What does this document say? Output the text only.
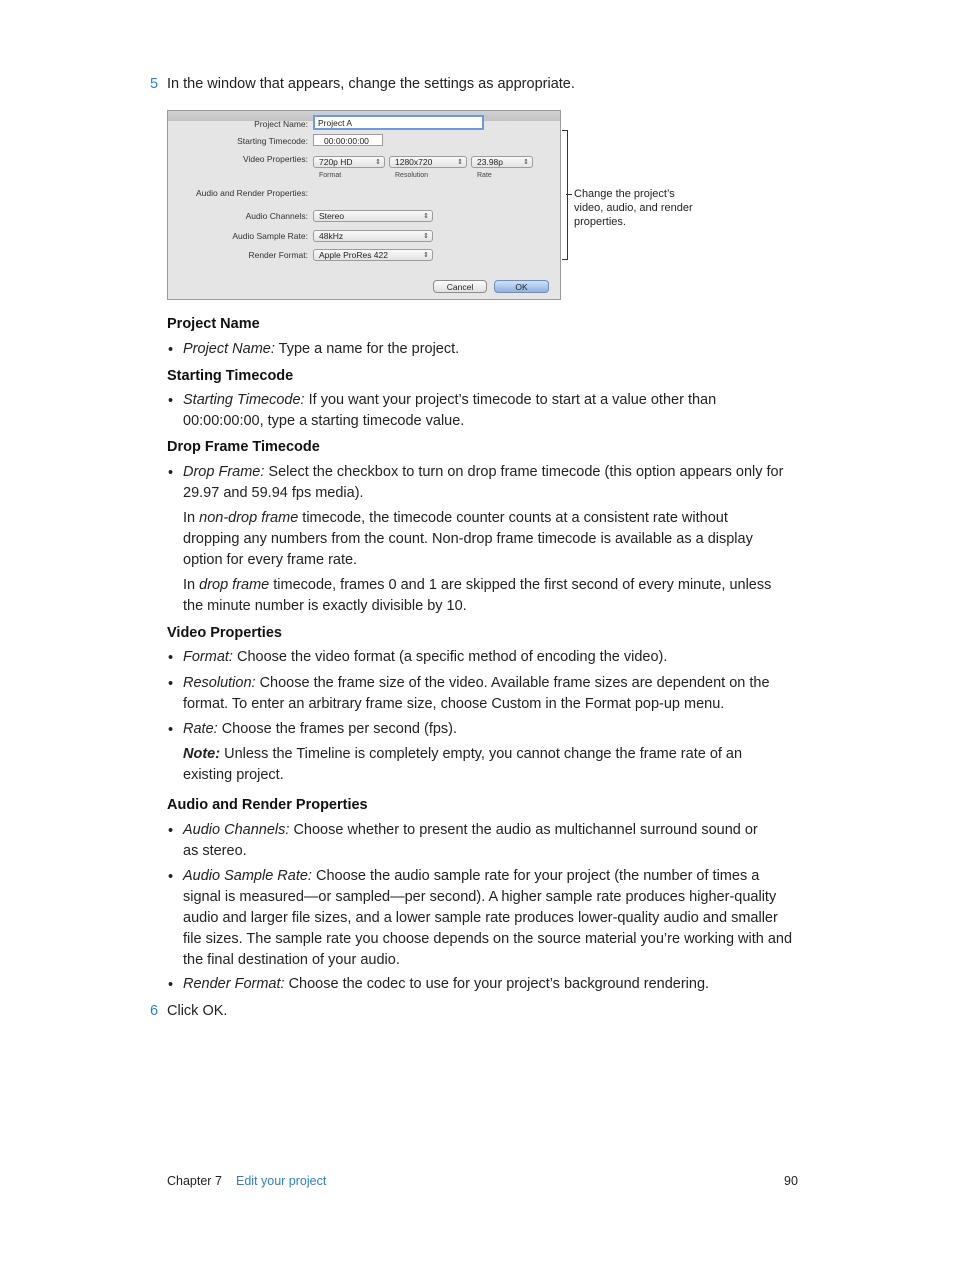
5 In the window that appears, change the settings as appropriate.
Project Name:	Project A
Starting Timecode:	00:00:00:00
Video Properties:	720p HD	⇕	1280x720	⇕	23.98p	⇕
Format	Resolution	Rate
Audio and Render Properties:
Audio Channels:	Stereo	⇕
Audio Sample Rate:	48kHz	⇕
Render Format:	Apple ProRes 422	⇕
Cancel	OK
Change the project’s video, audio, and render properties.
Project Name
• Project Name: Type a name for the project.
Starting Timecode
• Starting Timecode: If you want your project’s timecode to start at a value other than
00:00:00:00, type a starting timecode value.
Drop Frame Timecode
• Drop Frame: Select the checkbox to turn on drop frame timecode (this option appears only for
29.97 and 59.94 fps media).
In non-drop frame timecode, the timecode counter counts at a consistent rate without
dropping any numbers from the count. Non-drop frame timecode is available as a display
option for every frame rate.
In drop frame timecode, frames 0 and 1 are skipped the first second of every minute, unless
the minute number is exactly divisible by 10.
Video Properties
• Format: Choose the video format (a specific method of encoding the video).
• Resolution: Choose the frame size of the video. Available frame sizes are dependent on the
format. To enter an arbitrary frame size, choose Custom in the Format pop-up menu.
• Rate: Choose the frames per second (fps).
Note: Unless the Timeline is completely empty, you cannot change the frame rate of an
existing project.
Audio and Render Properties
• Audio Channels: Choose whether to present the audio as multichannel surround sound or
as stereo.
• Audio Sample Rate: Choose the audio sample rate for your project (the number of times a
signal is measured—or sampled—per second). A higher sample rate produces higher-quality
audio and larger file sizes, and a lower sample rate produces lower-quality audio and smaller
file sizes. The sample rate you choose depends on the source material you’re working with and
the final destination of your audio.
• Render Format: Choose the codec to use for your project’s background rendering.
6 Click OK.
Chapter 7 Edit your project	90
